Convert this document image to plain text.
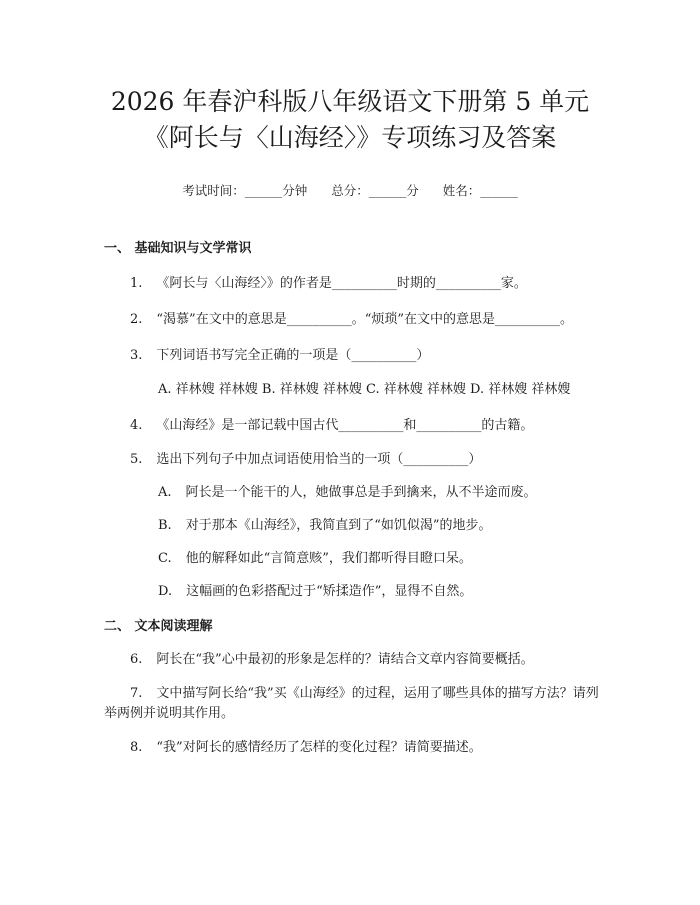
2026 年春沪科版八年级语文下册第 5 单元
《阿长与〈山海经〉》专项练习及答案
考试时间：______分钟 总分：______分 姓名：______
一、 基础知识与文学常识
1. 《阿长与〈山海经〉》的作者是__________时期的__________家。
2. “渴慕”在文中的意思是__________。“烦琐”在文中的意思是__________。
3. 下列词语书写完全正确的一项是（__________）
A. 祥林嫂 祥林嫂 B. 祥林嫂 祥林嫂 C. 祥林嫂 祥林嫂 D. 祥林嫂 祥林嫂
4. 《山海经》是一部记载中国古代__________和__________的古籍。
5. 选出下列句子中加点词语使用恰当的一项（__________）
A. 阿长是一个能干的人，她做事总是手到擒来，从不半途而废。
B. 对于那本《山海经》，我简直到了“如饥似渴”的地步。
C. 他的解释如此“言简意赅”，我们都听得目瞪口呆。
D. 这幅画的色彩搭配过于“矫揉造作”，显得不自然。
二、 文本阅读理解
6. 阿长在“我”心中最初的形象是怎样的？请结合文章内容简要概括。
7. 文中描写阿长给“我”买《山海经》的过程，运用了哪些具体的描写方法？请列举两例并说明其作用。
8. “我”对阿长的感情经历了怎样的变化过程？请简要描述。
